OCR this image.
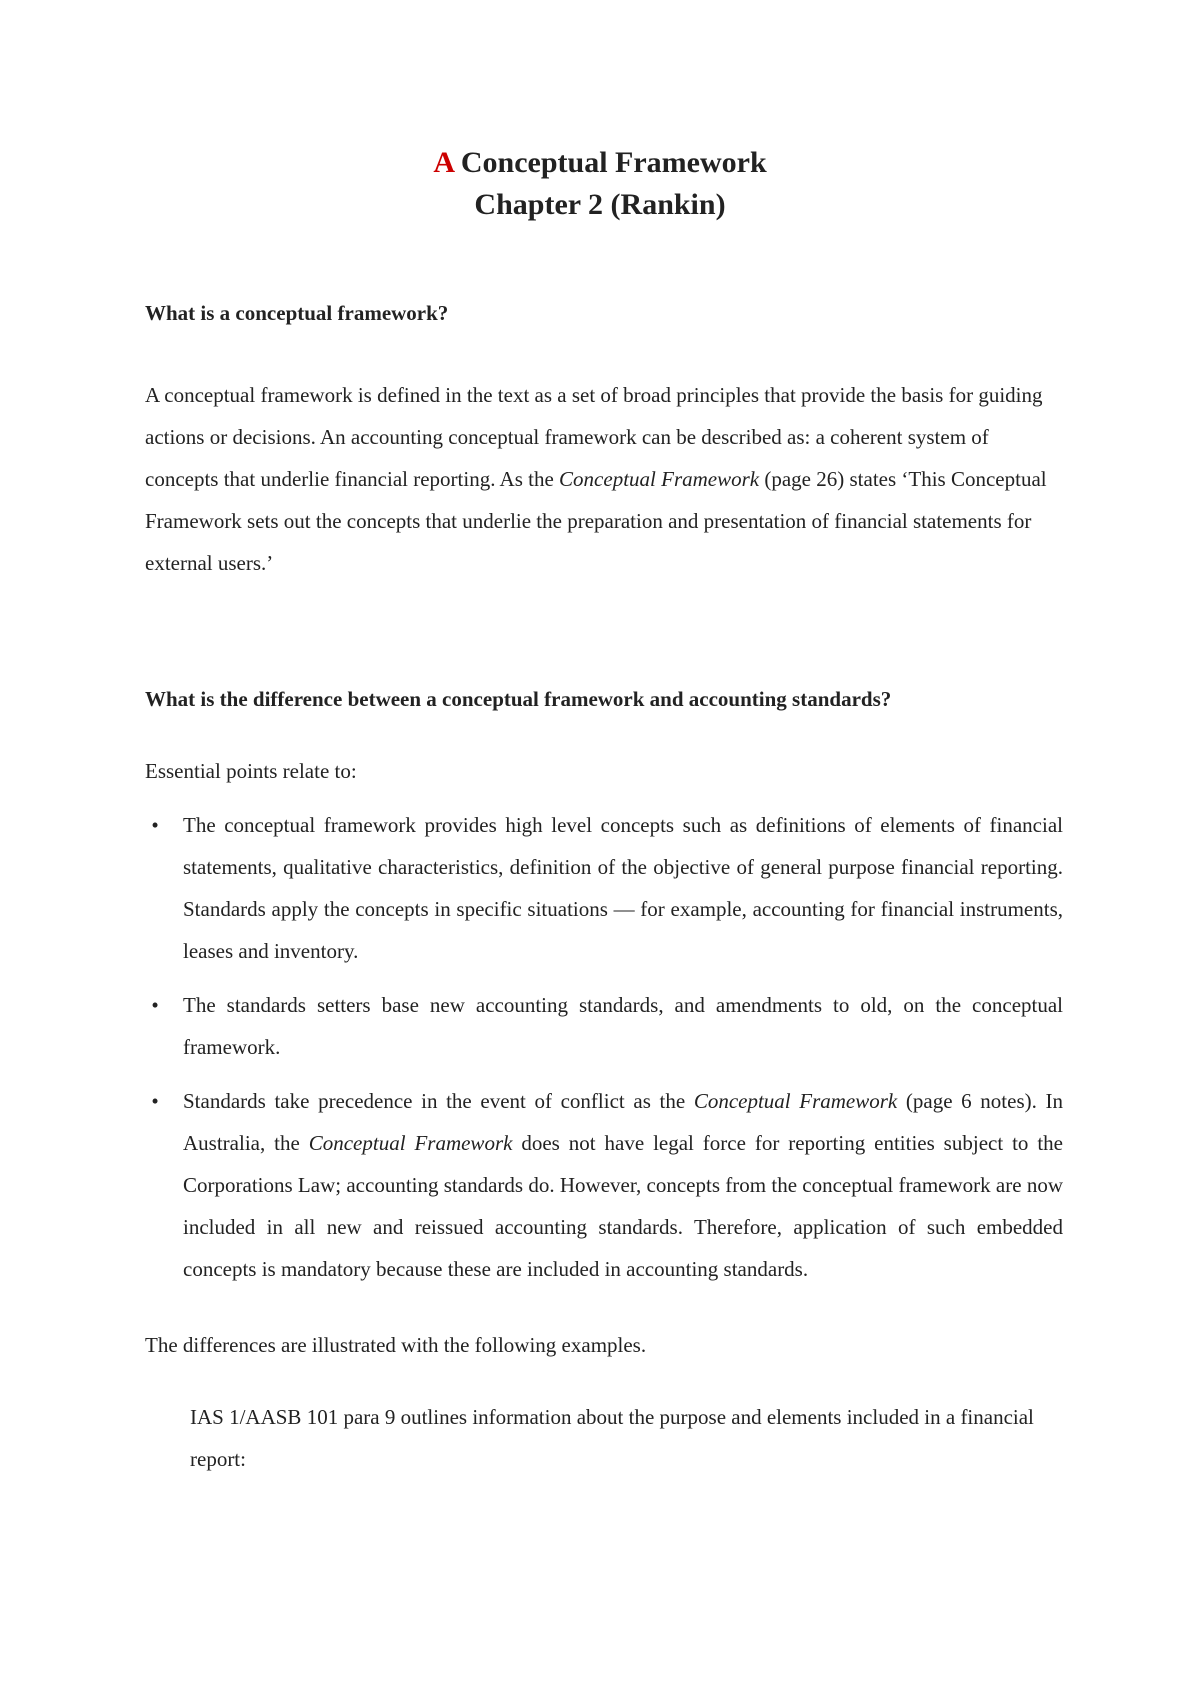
A Conceptual Framework
Chapter 2 (Rankin)

What is a conceptual framework?

A conceptual framework is defined in the text as a set of broad principles that provide the basis for guiding actions or decisions. An accounting conceptual framework can be described as: a coherent system of concepts that underlie financial reporting. As the Conceptual Framework (page 26) states ‘This Conceptual Framework sets out the concepts that underlie the preparation and presentation of financial statements for external users.’

What is the difference between a conceptual framework and accounting standards?

Essential points relate to:

•	The conceptual framework provides high level concepts such as definitions of elements of financial statements, qualitative characteristics, definition of the objective of general purpose financial reporting. Standards apply the concepts in specific situations — for example, accounting for financial instruments, leases and inventory.
•	The standards setters base new accounting standards, and amendments to old, on the conceptual framework.
•	Standards take precedence in the event of conflict as the Conceptual Framework (page 6 notes). In Australia, the Conceptual Framework does not have legal force for reporting entities subject to the Corporations Law; accounting standards do. However, concepts from the conceptual framework are now included in all new and reissued accounting standards. Therefore, application of such embedded concepts is mandatory because these are included in accounting standards.

The differences are illustrated with the following examples.

IAS 1/AASB 101 para 9 outlines information about the purpose and elements included in a financial report:
